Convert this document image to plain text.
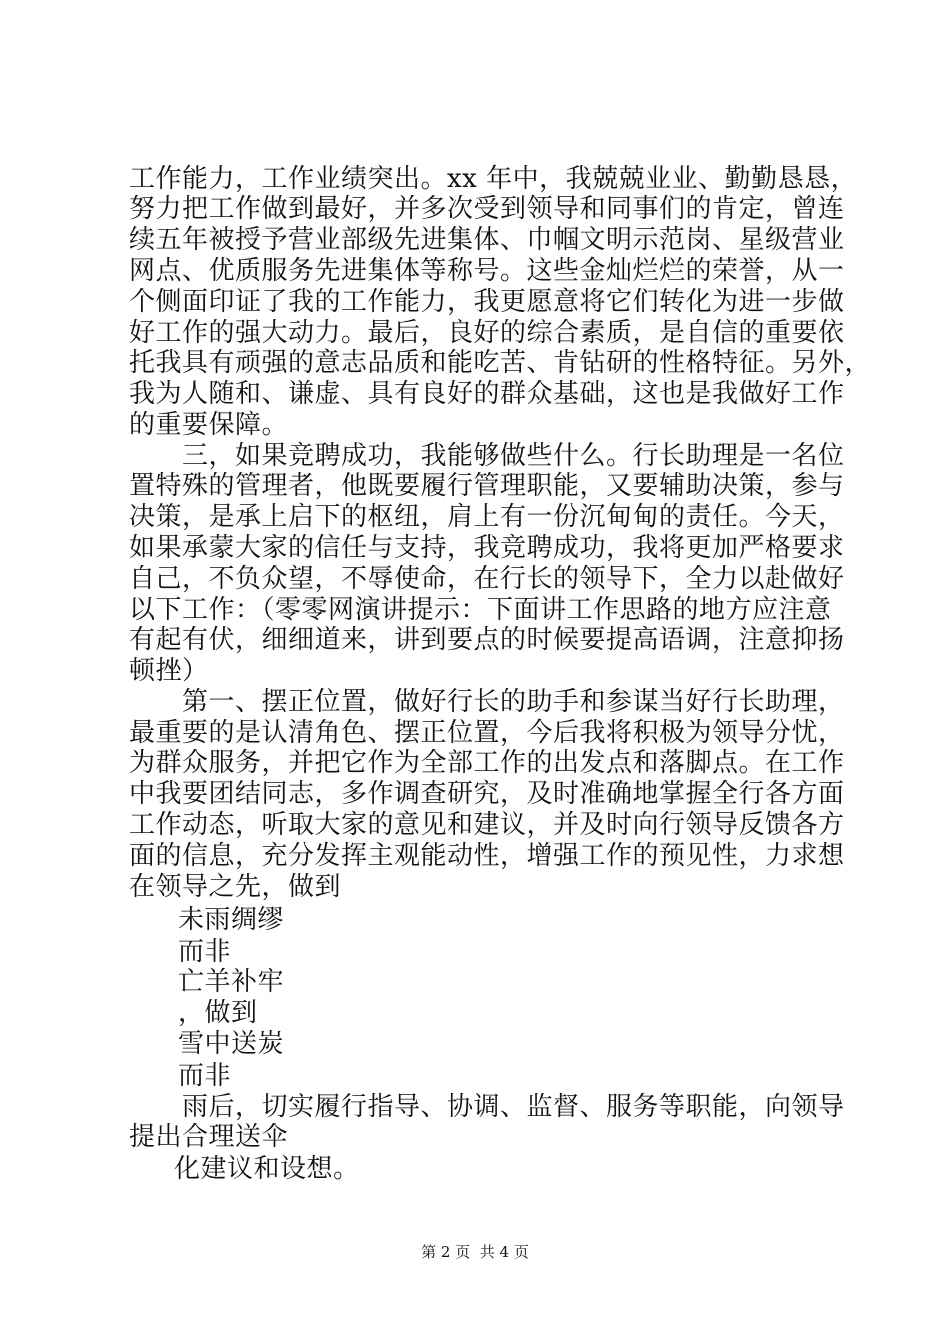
工作能力，工作业绩突出。xx 年中，我兢兢业业、勤勤恳恳，
努力把工作做到最好，并多次受到领导和同事们的肯定，曾连
续五年被授予营业部级先进集体、巾帼文明示范岗、星级营业
网点、优质服务先进集体等称号。这些金灿烂烂的荣誉，从一
个侧面印证了我的工作能力，我更愿意将它们转化为进一步做
好工作的强大动力。最后，良好的综合素质，是自信的重要依
托我具有顽强的意志品质和能吃苦、肯钻研的性格特征。另外，
我为人随和、谦虚、具有良好的群众基础，这也是我做好工作
的重要保障。
三，如果竞聘成功，我能够做些什么。行长助理是一名位
置特殊的管理者，他既要履行管理职能，又要辅助决策，参与
决策，是承上启下的枢纽，肩上有一份沉甸甸的责任。今天，
如果承蒙大家的信任与支持，我竞聘成功，我将更加严格要求
自己，不负众望，不辱使命，在行长的领导下，全力以赴做好
以下工作：（零零网演讲提示：下面讲工作思路的地方应注意
有起有伏，细细道来，讲到要点的时候要提高语调，注意抑扬
顿挫）
第一、摆正位置，做好行长的助手和参谋当好行长助理，
最重要的是认清角色、摆正位置，今后我将积极为领导分忧，
为群众服务，并把它作为全部工作的出发点和落脚点。在工作
中我要团结同志，多作调查研究，及时准确地掌握全行各方面
工作动态，听取大家的意见和建议，并及时向行领导反馈各方
面的信息，充分发挥主观能动性，增强工作的预见性，力求想
在领导之先，做到
未雨绸缪
而非
亡羊补牢
，做到
雪中送炭
而非
雨后，切实履行指导、协调、监督、服务等职能，向领导
提出合理送伞
化建议和设想。
第 2 页  共 4 页
